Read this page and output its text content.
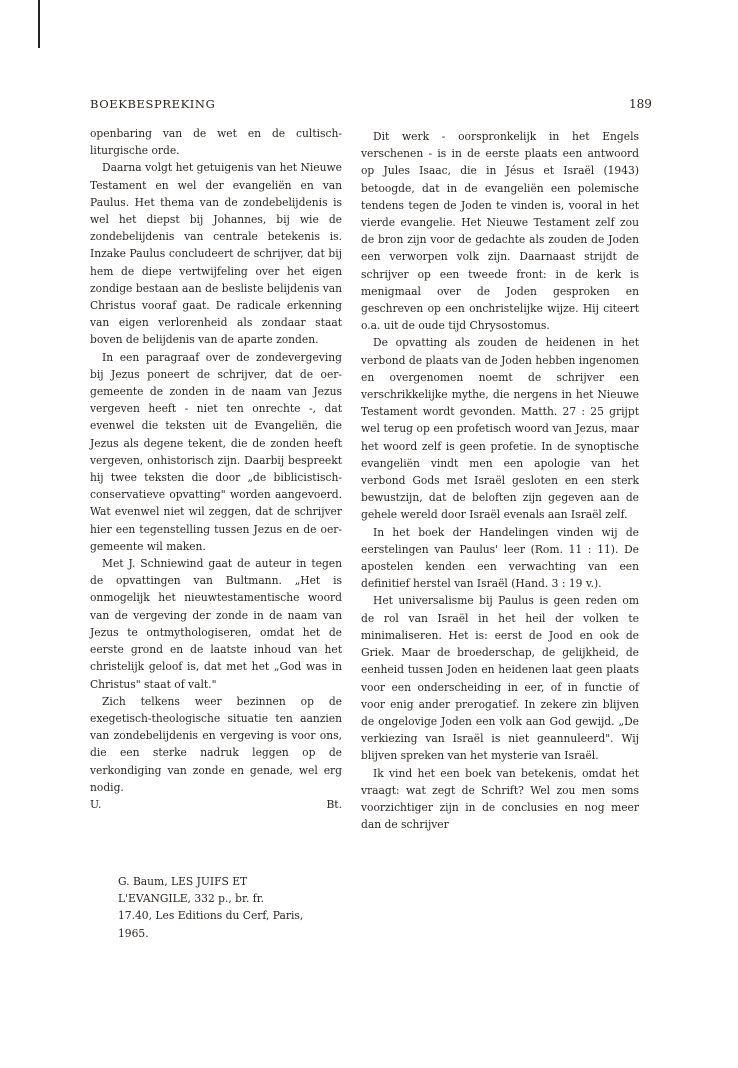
BOEKBESPREKING	189

openbaring van de wet en de cultisch-liturgische orde.

Daarna volgt het getuigenis van het Nieuwe Testament en wel der evangeliën en van Paulus. Het thema van de zondebelijdenis is wel het diepst bij Johannes, bij wie de zondebelijdenis van centrale betekenis is. Inzake Paulus concludeert de schrijver, dat bij hem de diepe vertwijfeling over het eigen zondige bestaan aan de besliste belijdenis van Christus vooraf gaat. De radicale erkenning van eigen verlorenheid als zondaar staat boven de belijdenis van de aparte zonden.

In een paragraaf over de zondevergeving bij Jezus poneert de schrijver, dat de oer-gemeente de zonden in de naam van Jezus vergeven heeft - niet ten onrechte -, dat evenwel die teksten uit de Evangeliën, die Jezus als degene tekent, die de zonden heeft vergeven, onhistorisch zijn. Daarbij bespreekt hij twee teksten die door „de biblicistisch-conservatieve opvatting" worden aangevoerd. Wat evenwel niet wil zeggen, dat de schrijver hier een tegenstelling tussen Jezus en de oer-gemeente wil maken.

Met J. Schniewind gaat de auteur in tegen de opvattingen van Bultmann. „Het is onmogelijk het nieuwtestamentische woord van de vergeving der zonde in de naam van Jezus te ontmythologiseren, omdat het de eerste grond en de laatste inhoud van het christelijk geloof is, dat met het „God was in Christus" staat of valt."

Zich telkens weer bezinnen op de exegetisch-theologische situatie ten aanzien van zondebelijdenis en vergeving is voor ons, die een sterke nadruk leggen op de verkondiging van zonde en genade, wel erg nodig.

U.	Bt.

G. Baum, LES JUIFS ET

L'EVANGILE, 332 p., br. fr.

17.40, Les Editions du Cerf, Paris,

1965.

Dit werk - oorspronkelijk in het Engels verschenen - is in de eerste plaats een antwoord op Jules Isaac, die in Jésus et Israël (1943) betoogde, dat in de evangeliën een polemische tendens tegen de Joden te vinden is, vooral in het vierde evangelie. Het Nieuwe Testament zelf zou de bron zijn voor de gedachte als zouden de Joden een verworpen volk zijn. Daarnaast strijdt de schrijver op een tweede front: in de kerk is menigmaal over de Joden gesproken en geschreven op een onchristelijke wijze. Hij citeert o.a. uit de oude tijd Chrysostomus.

De opvatting als zouden de heidenen in het verbond de plaats van de Joden hebben ingenomen en overgenomen noemt de schrijver een verschrikkelijke mythe, die nergens in het Nieuwe Testament wordt gevonden. Matth. 27 : 25 grijpt wel terug op een profetisch woord van Jezus, maar het woord zelf is geen profetie. In de synoptische evangeliën vindt men een apologie van het verbond Gods met Israël gesloten en een sterk bewustzijn, dat de beloften zijn gegeven aan de gehele wereld door Israël evenals aan Israël zelf.

In het boek der Handelingen vinden wij de eerstelingen van Paulus' leer (Rom. 11 : 11). De apostelen kenden een verwachting van een definitief herstel van Israël (Hand. 3 : 19 v.).

Het universalisme bij Paulus is geen reden om de rol van Israël in het heil der volken te minimaliseren. Het is: eerst de Jood en ook de Griek. Maar de broederschap, de gelijkheid, de eenheid tussen Joden en heidenen laat geen plaats voor een onderscheiding in eer, of in functie of voor enig ander prerogatief. In zekere zin blijven de ongelovige Joden een volk aan God gewijd. „De verkiezing van Israël is niet geannuleerd". Wij blijven spreken van het mysterie van Israël.

Ik vind het een boek van betekenis, omdat het vraagt: wat zegt de Schrift? Wel zou men soms voorzichtiger zijn in de conclusies en nog meer dan de schrijver
